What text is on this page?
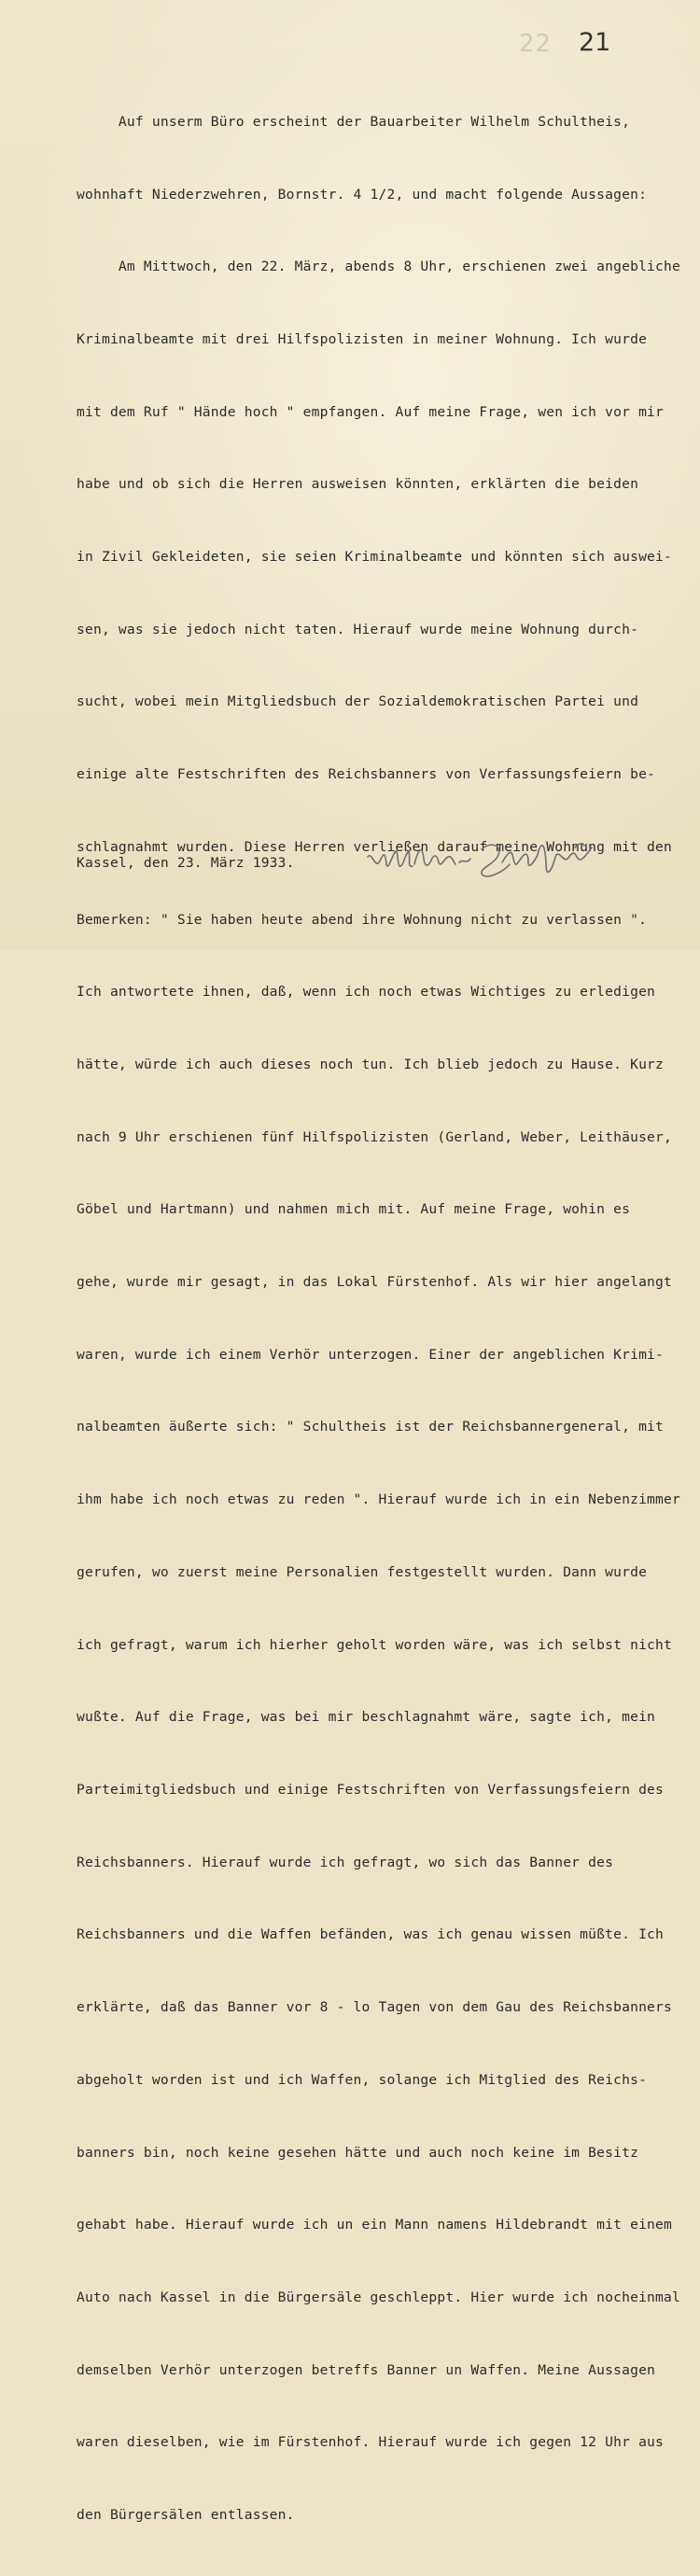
22 21

Auf unserm Büro erscheint der Bauarbeiter Wilhelm Schultheis,

wohnhaft Niederzwehren, Bornstr. 4 1/2, und macht folgende Aussagen:

Am Mittwoch, den 22. März, abends 8 Uhr, erschienen zwei angebliche

Kriminalbeamte mit drei Hilfspolizisten in meiner Wohnung. Ich wurde

mit dem Ruf " Hände hoch " empfangen. Auf meine Frage, wen ich vor mir

habe und ob sich die Herren ausweisen könnten, erklärten die beiden

in Zivil Gekleideten, sie seien Kriminalbeamte und könnten sich auswei-

sen, was sie jedoch nicht taten. Hierauf wurde meine Wohnung durch-

sucht, wobei mein Mitgliedsbuch der Sozialdemokratischen Partei und

einige alte Festschriften des Reichsbanners von Verfassungsfeiern be-

schlagnahmt wurden. Diese Herren verließen darauf meine Wohnung mit den

Bemerken: " Sie haben heute abend ihre Wohnung nicht zu verlassen ".

Ich antwortete ihnen, daß, wenn ich noch etwas Wichtiges zu erledigen

hätte, würde ich auch dieses noch tun. Ich blieb jedoch zu Hause. Kurz

nach 9 Uhr erschienen fünf Hilfspolizisten (Gerland, Weber, Leithäuser,

Göbel und Hartmann) und nahmen mich mit. Auf meine Frage, wohin es

gehe, wurde mir gesagt, in das Lokal Fürstenhof. Als wir hier angelangt

waren, wurde ich einem Verhör unterzogen. Einer der angeblichen Krimi-

nalbeamten äußerte sich: " Schultheis ist der Reichsbannergeneral, mit

ihm habe ich noch etwas zu reden ". Hierauf wurde ich in ein Nebenzimmer

gerufen, wo zuerst meine Personalien festgestellt wurden. Dann wurde

ich gefragt, warum ich hierher geholt worden wäre, was ich selbst nicht

wußte. Auf die Frage, was bei mir beschlagnahmt wäre, sagte ich, mein

Parteimitgliedsbuch und einige Festschriften von Verfassungsfeiern des

Reichsbanners. Hierauf wurde ich gefragt, wo sich das Banner des

Reichsbanners und die Waffen befänden, was ich genau wissen müßte. Ich

erklärte, daß das Banner vor 8 - lo Tagen von dem Gau des Reichsbanners

abgeholt worden ist und ich Waffen, solange ich Mitglied des Reichs-

banners bin, noch keine gesehen hätte und auch noch keine im Besitz

gehabt habe. Hierauf wurde ich un ein Mann namens Hildebrandt mit einem

Auto nach Kassel in die Bürgersäle geschleppt. Hier wurde ich nocheinmal

demselben Verhör unterzogen betreffs Banner un Waffen. Meine Aussagen

waren dieselben, wie im Fürstenhof. Hierauf wurde ich gegen 12 Uhr aus

den Bürgersälen entlassen.

Kassel, den 23. März 1933.
